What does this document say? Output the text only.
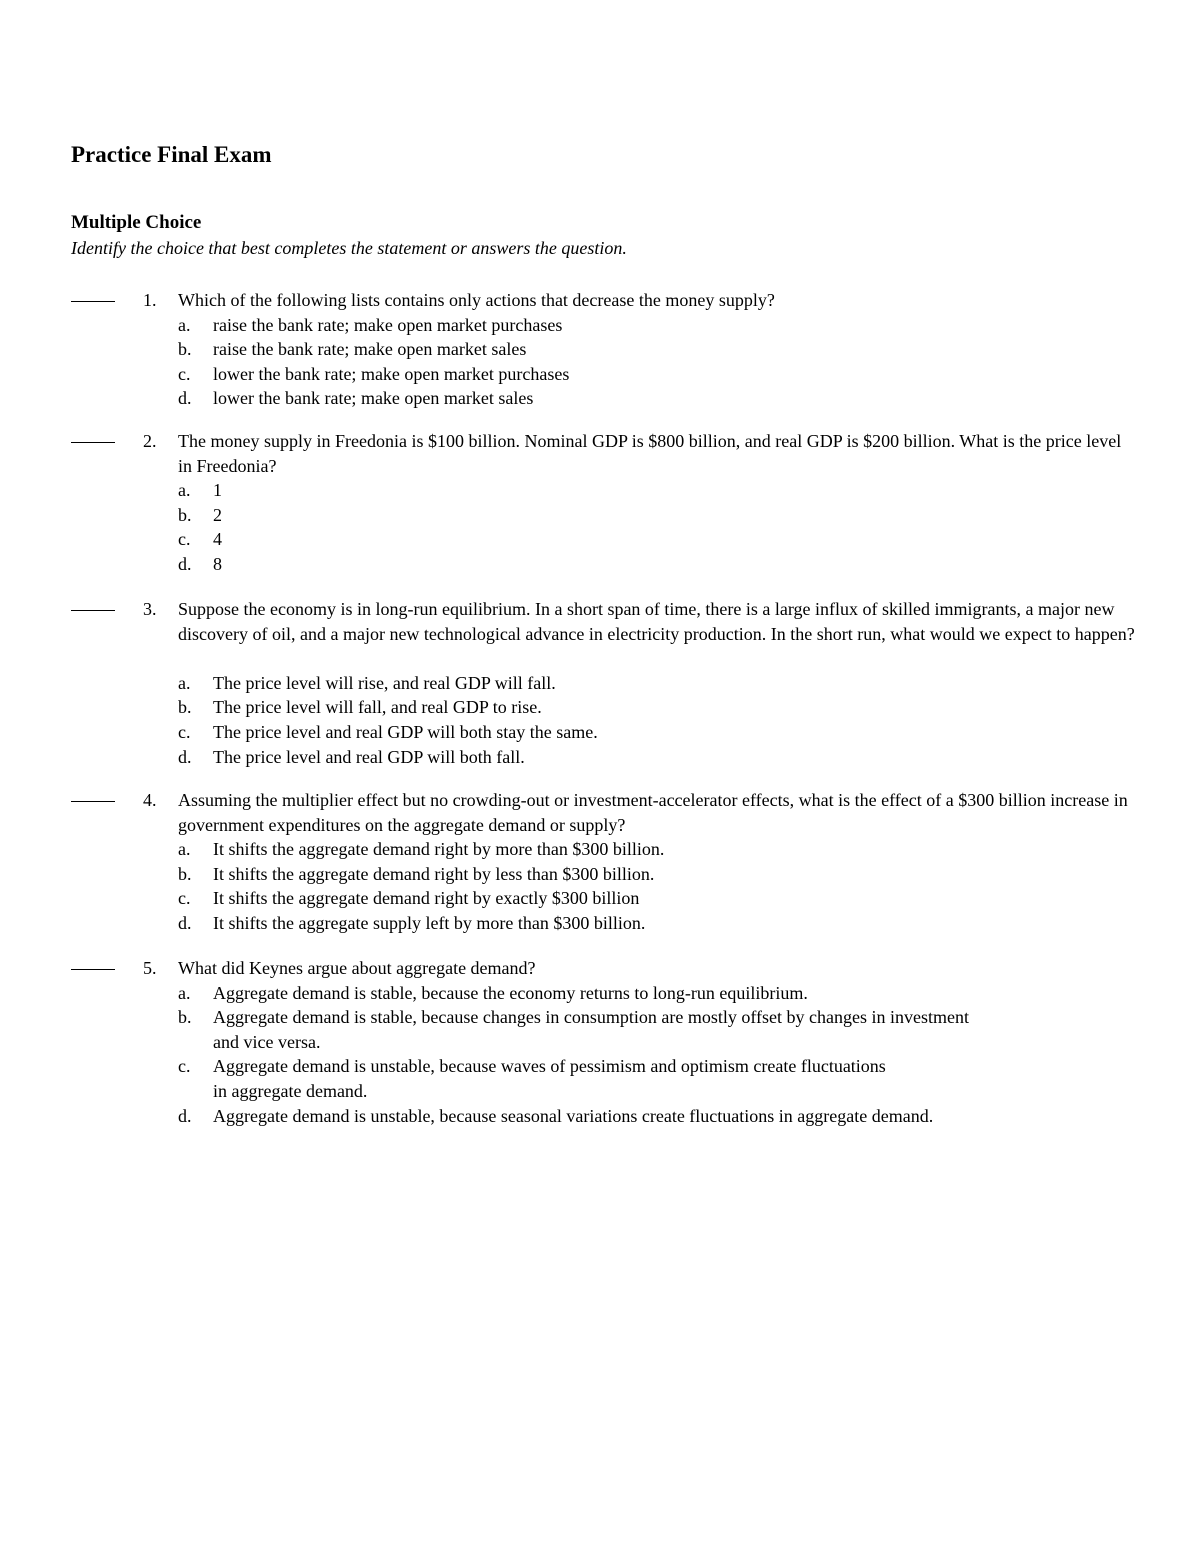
Practice Final Exam
Multiple Choice

Identify the choice that best completes the statement or answers the question.

1. Which of the following lists contains only actions that decrease the money supply?
a. raise the bank rate; make open market purchases
b. raise the bank rate; make open market sales
c. lower the bank rate; make open market purchases
d. lower the bank rate; make open market sales
2. The money supply in Freedonia is $100 billion. Nominal GDP is $800 billion, and real GDP is $200 billion. What is the price level in Freedonia?
a. 1
b. 2
c. 4
d. 8
3. Suppose the economy is in long-run equilibrium. In a short span of time, there is a large influx of skilled immigrants, a major new discovery of oil, and a major new technological advance in electricity production. In the short run, what would we expect to happen?
a. The price level will rise, and real GDP will fall.
b. The price level will fall, and real GDP to rise.
c. The price level and real GDP will both stay the same.
d. The price level and real GDP will both fall.
4. Assuming the multiplier effect but no crowding-out or investment-accelerator effects, what is the effect of a $300 billion increase in government expenditures on the aggregate demand or supply?
a. It shifts the aggregate demand right by more than $300 billion.
b. It shifts the aggregate demand right by less than $300 billion.
c. It shifts the aggregate demand right by exactly $300 billion
d. It shifts the aggregate supply left by more than $300 billion.
5. What did Keynes argue about aggregate demand?
a. Aggregate demand is stable, because the economy returns to long-run equilibrium.
b. Aggregate demand is stable, because changes in consumption are mostly offset by changes in investment and vice versa.
c. Aggregate demand is unstable, because waves of pessimism and optimism create fluctuations in aggregate demand.
d. Aggregate demand is unstable, because seasonal variations create fluctuations in aggregate demand.
